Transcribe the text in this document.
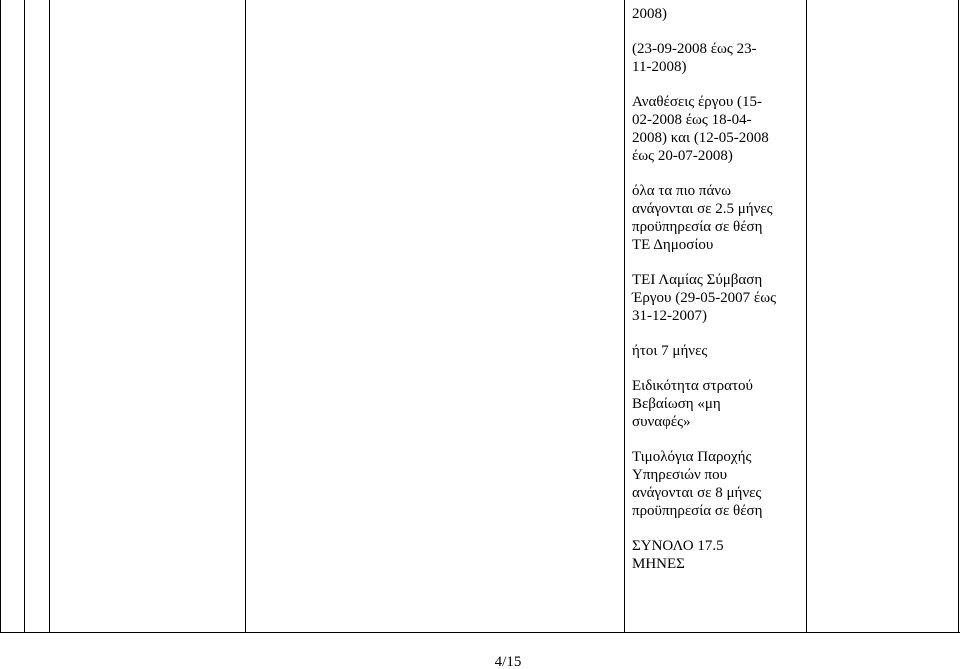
2008)
(23-09-2008 έως 23-
11-2008)
Αναθέσεις έργου (15-
02-2008 έως 18-04-
2008) και (12-05-2008
έως 20-07-2008)
όλα τα πιο πάνω
ανάγονται σε 2.5 μήνες
προϋπηρεσία σε θέση
ΤΕ Δημοσίου
ΤΕΙ Λαμίας Σύμβαση
Έργου (29-05-2007 έως
31-12-2007)
ήτοι 7 μήνες
Ειδικότητα στρατού
Βεβαίωση «μη
συναφές»
Τιμολόγια Παροχής
Υπηρεσιών που
ανάγονται σε 8 μήνες
προϋπηρεσία σε θέση
ΣΥΝΟΛΟ 17.5
ΜΗΝΕΣ
4/15
